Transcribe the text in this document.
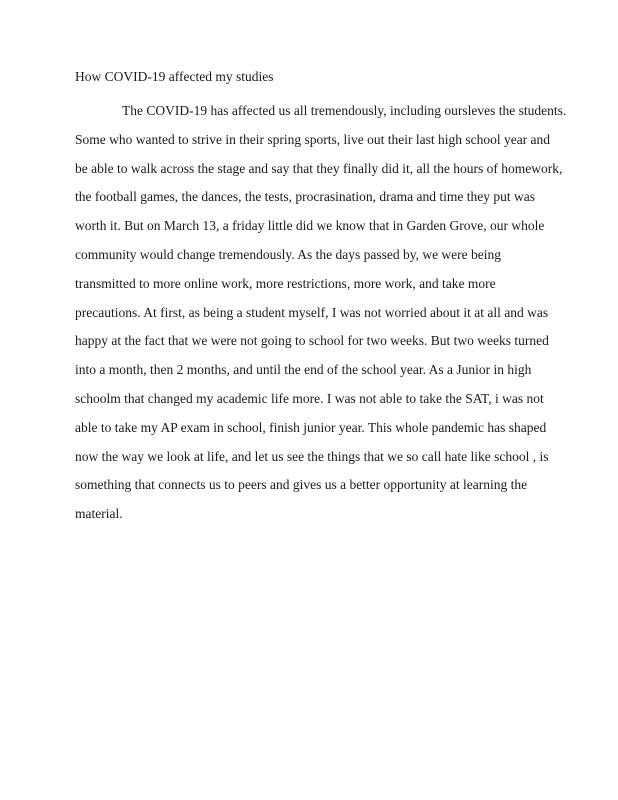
How COVID-19 affected my studies
The COVID-19 has affected us all tremendously, including oursleves the students.
Some who wanted to strive in their spring sports, live out their last high school year and
be able to walk across the stage and say that they finally did it, all the hours of homework,
the football games, the dances, the tests, procrasination, drama and time they put was
worth it. But on March 13, a friday little did we know that in Garden Grove, our whole
community would change tremendously. As the days passed by, we were being
transmitted to more online work, more restrictions, more work, and take more
precautions. At first, as being a student myself, I was not worried about it at all and was
happy at the fact that we were not going to school for two weeks. But two weeks turned
into a month, then 2 months, and until the end of the school year. As a Junior in high
schoolm that changed my academic life more. I was not able to take the SAT, i was not
able to take my AP exam in school, finish junior year. This whole pandemic has shaped
now the way we look at life, and let us see the things that we so call hate like school , is
something that connects us to peers and gives us a better opportunity at learning the
material.
